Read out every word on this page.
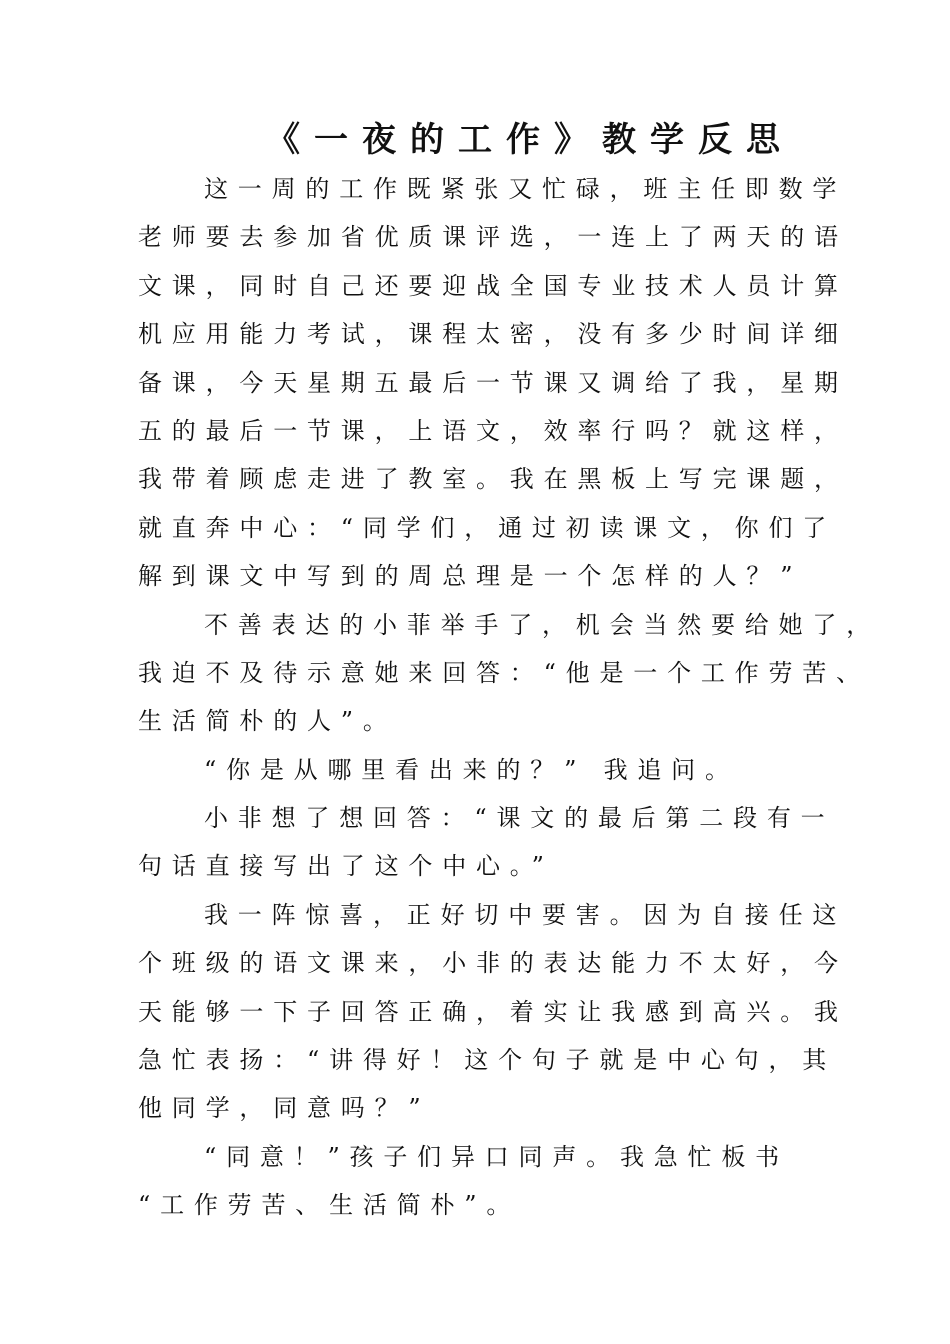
《一夜的工作》教学反思
这一周的工作既紧张又忙碌，班主任即数学
老师要去参加省优质课评选，一连上了两天的语
文课，同时自己还要迎战全国专业技术人员计算
机应用能力考试，课程太密，没有多少时间详细
备课，今天星期五最后一节课又调给了我，星期
五的最后一节课，上语文，效率行吗？就这样，
我带着顾虑走进了教室。我在黑板上写完课题，
就直奔中心：“同学们，通过初读课文，你们了
解到课文中写到的周总理是一个怎样的人？”
不善表达的小菲举手了，机会当然要给她了，
我迫不及待示意她来回答：“他是一个工作劳苦、
生活简朴的人”。
“你是从哪里看出来的？” 我追问。
小非想了想回答：“课文的最后第二段有一
句话直接写出了这个中心。”
我一阵惊喜，正好切中要害。因为自接任这
个班级的语文课来，小非的表达能力不太好，今
天能够一下子回答正确，着实让我感到高兴。我
急忙表扬：“讲得好！这个句子就是中心句，其
他同学，同意吗？”
“同意！”孩子们异口同声。我急忙板书
“工作劳苦、生活简朴”。
